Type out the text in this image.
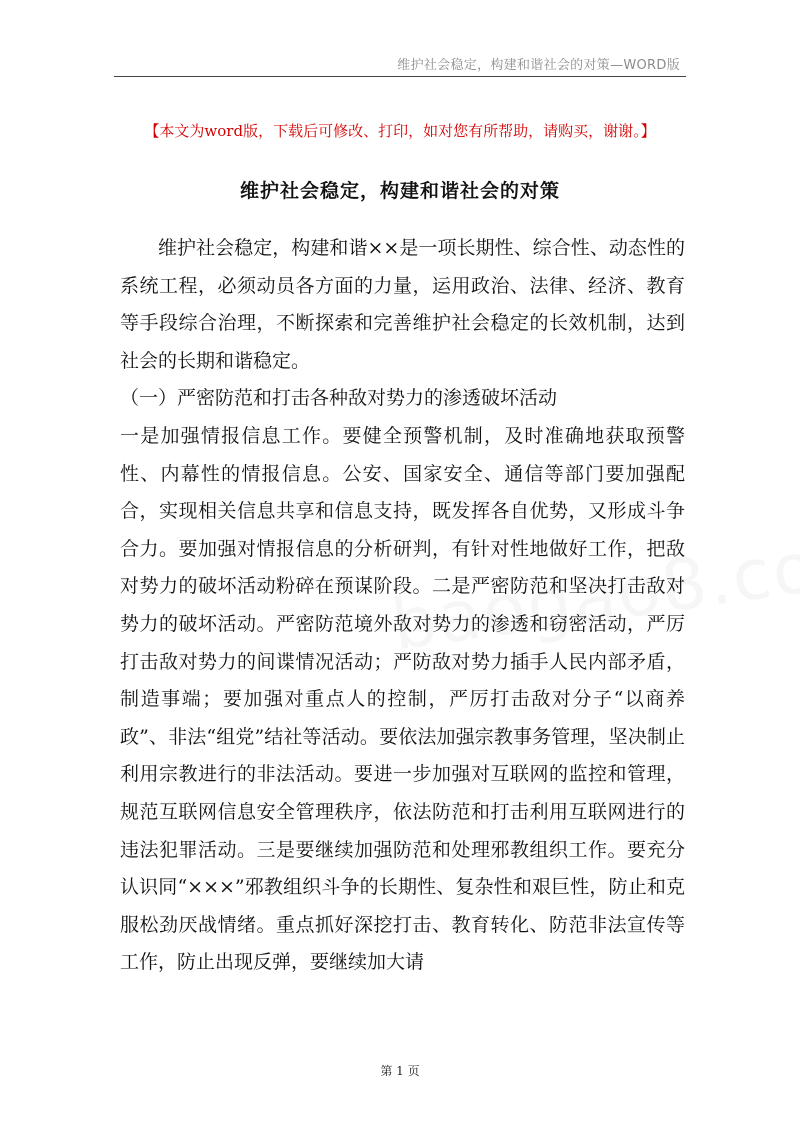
维护社会稳定，构建和谐社会的对策—WORD版
【本文为word版，下载后可修改、打印，如对您有所帮助，请购买，谢谢。】
维护社会稳定，构建和谐社会的对策

维护社会稳定，构建和谐××是一项长期性、综合性、动态性的系统工程，必须动员各方面的力量，运用政治、法律、经济、教育等手段综合治理，不断探索和完善维护社会稳定的长效机制，达到社会的长期和谐稳定。

（一）严密防范和打击各种敌对势力的渗透破坏活动

一是加强情报信息工作。要健全预警机制，及时准确地获取预警性、内幕性的情报信息。公安、国家安全、通信等部门要加强配合，实现相关信息共享和信息支持，既发挥各自优势，又形成斗争合力。要加强对情报信息的分析研判，有针对性地做好工作，把敌对势力的破坏活动粉碎在预谋阶段。二是严密防范和坚决打击敌对势力的破坏活动。严密防范境外敌对势力的渗透和窃密活动，严厉打击敌对势力的间谍情况活动；严防敌对势力插手人民内部矛盾，制造事端；要加强对重点人的控制，严厉打击敌对分子“以商养政”、非法“组党”结社等活动。要依法加强宗教事务管理，坚决制止利用宗教进行的非法活动。要进一步加强对互联网的监控和管理，规范互联网信息安全管理秩序，依法防范和打击利用互联网进行的违法犯罪活动。三是要继续加强防范和处理邪教组织工作。要充分认识同“×××”邪教组织斗争的长期性、复杂性和艰巨性，防止和克服松劲厌战情绪。重点抓好深挖打击、教育转化、防范非法宣传等工作，防止出现反弹，要继续加大请

第 1 页
